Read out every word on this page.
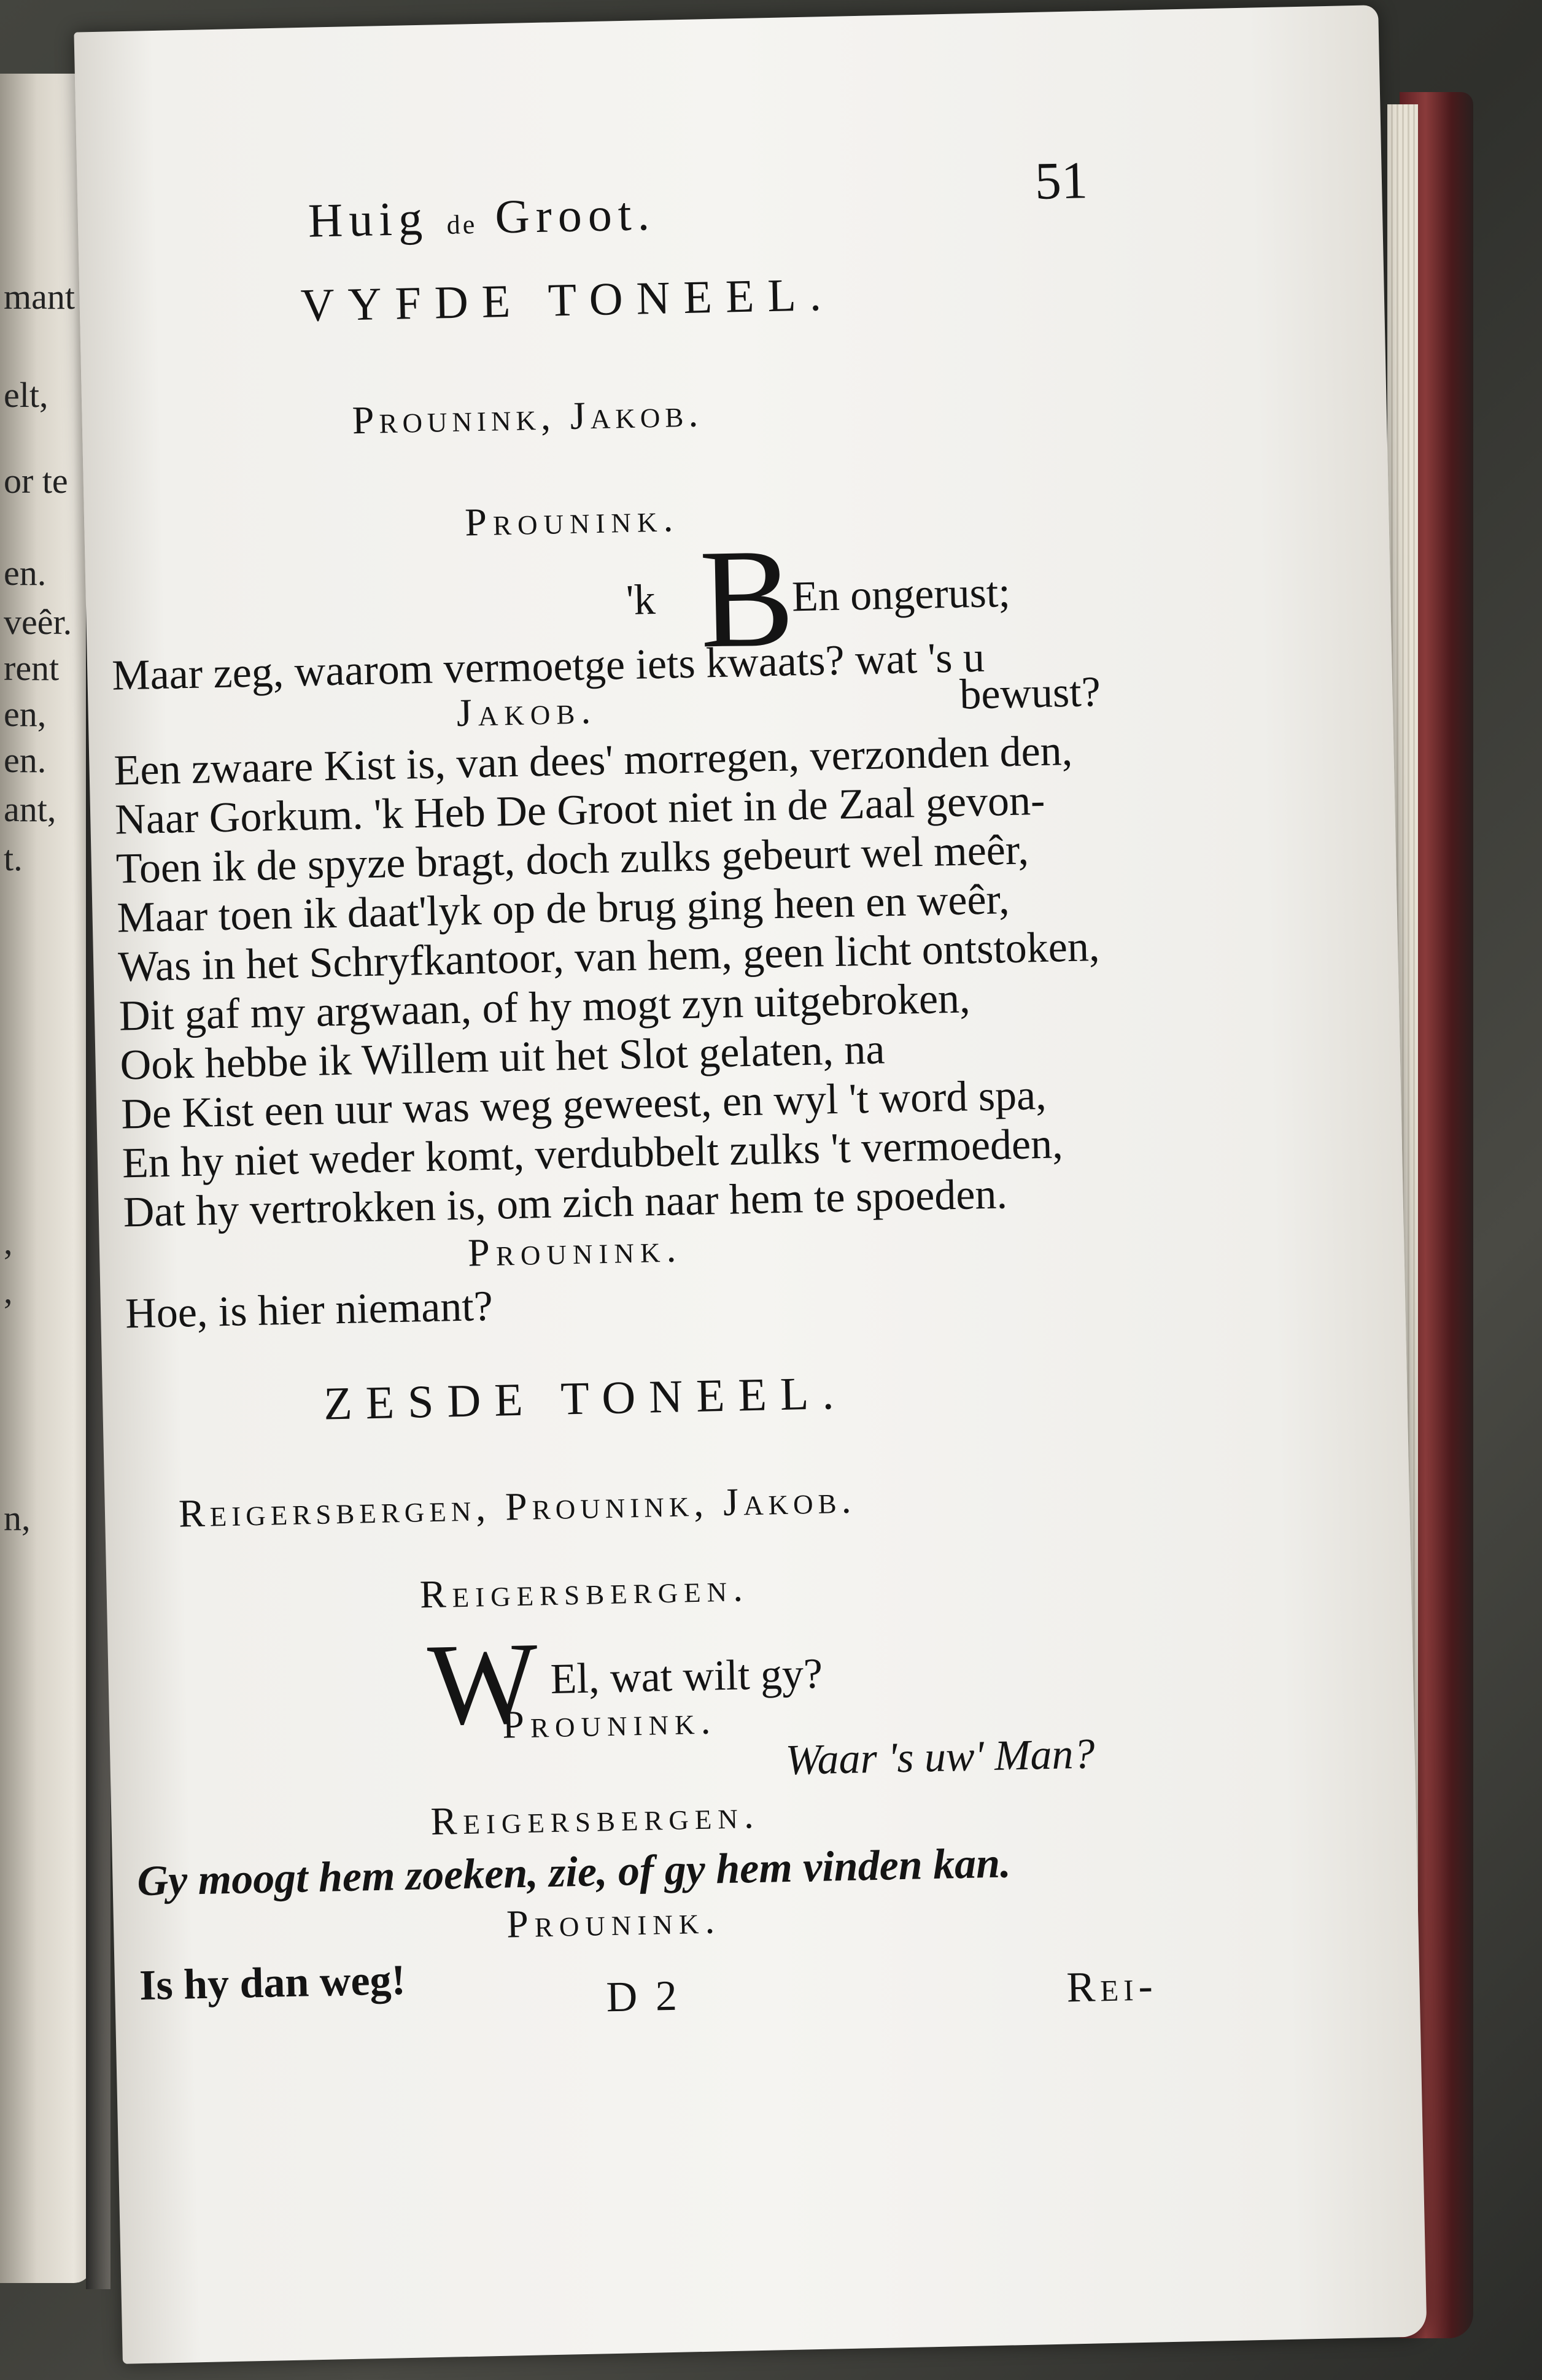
mant
elt,
or te
en.
veêr.
rent
en,
en.
ant,
t.
,
,
n,
Huig de Groot.
51
VYFDE TONEEL.
Prounink, Jakob.
Prounink.
'k B
En ongerust;
Maar zeg, waarom vermoetge iets kwaats? wat 's u
Jakob.	bewust?
Een zwaare Kist is, van dees' morregen, verzonden den,
Naar Gorkum. 'k Heb De Groot niet in de Zaal gevon-
Toen ik de spyze bragt, doch zulks gebeurt wel meêr,
Maar toen ik daat'lyk op de brug ging heen en weêr,
Was in het Schryfkantoor, van hem, geen licht ontstoken,
Dit gaf my argwaan, of hy mogt zyn uitgebroken,
Ook hebbe ik Willem uit het Slot gelaten, na
De Kist een uur was weg geweest, en wyl 't word spa,
En hy niet weder komt, verdubbelt zulks 't vermoeden,
Dat hy vertrokken is, om zich naar hem te spoeden.
Prounink.
Hoe, is hier niemant?
ZESDE TONEEL.
Reigersbergen, Prounink, Jakob.
Reigersbergen.
W El, wat wilt gy?
Prounink.
Waar 's uw' Man?
Reigersbergen.
Gy moogt hem zoeken, zie, of gy hem vinden kan.
Prounink.
Is hy dan weg!	D 2	Rei-
